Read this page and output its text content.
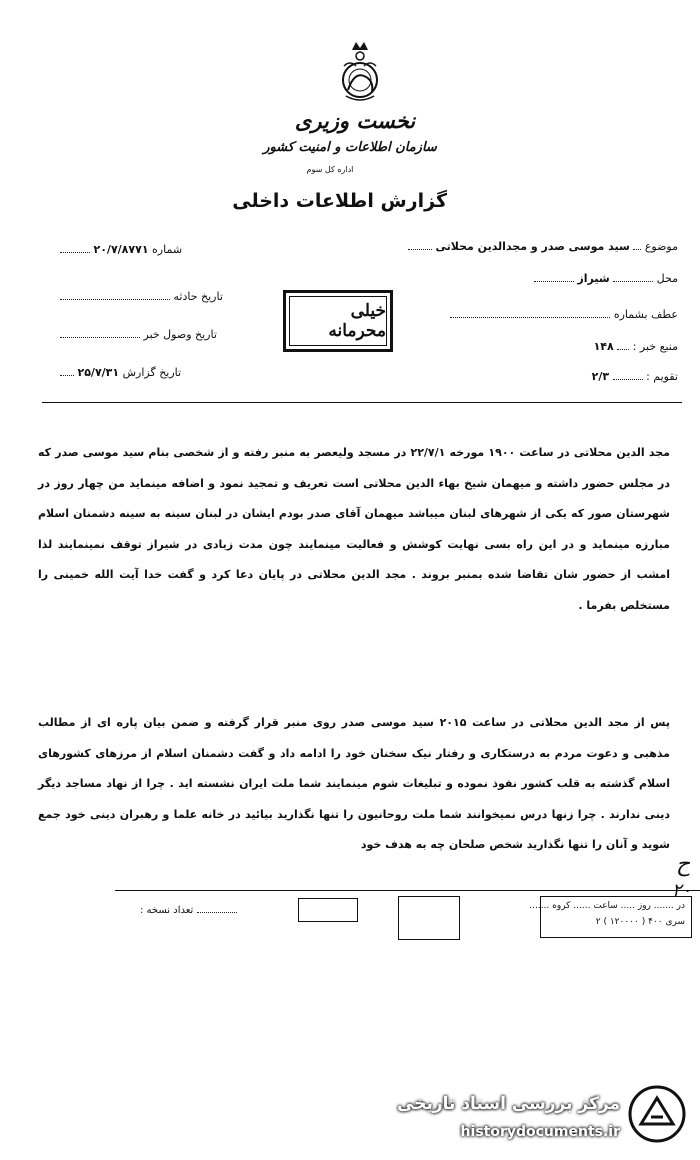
نخست وزیری
سازمان اطلاعات و امنیت کشور
اداره کل سوم
گزارش اطلاعات داخلی
موضوع  سید موسی صدر و مجدالدین محلاتی
محل  شیراز
عطف بشماره
منبع خبر :  ۱۴۸
تقویم :  ۲/۳
شماره ۲۰/۷/۸۷۷۱
تاریخ حادثه
تاریخ وصول خبر
تاریخ گزارش ۲۵/۷/۳۱
خیلی محرمانه
مجد الدین محلاتی در ساعت ۱۹۰۰ مورخه ۲۲/۷/۱ در مسجد ولیعصر به منبر رفته و از شخصی بنام سید موسی صدر که در مجلس حضور داشته و میهمان شیخ بهاء الدین محلاتی است تعریف و تمجید نمود و اضافه مینماید من چهار روز در شهرستان صور که یکی از شهرهای لبنان میباشد میهمان آقای صدر بودم ایشان در لبنان سینه به سینه دشمنان اسلام مبارزه مینماید و در این راه بسی نهایت کوشش و فعالیت مینمایند چون مدت زیادی در شیراز توقف نمینمایند لذا امشب از حضور شان تقاضا شده بمنبر بروند . مجد الدین محلاتی در پایان دعا کرد و گفت خدا آیت الله خمینی را مستخلص بفرما .
پس از مجد الدین محلاتی در ساعت ۲۰۱۵ سید موسی صدر روی منبر قرار گرفته و ضمن بیان پاره ای از مطالب مذهبی و دعوت مردم به درستکاری و رفتار نیک سخنان خود را ادامه داد و گفت دشمنان اسلام از مرزهای کشورهای اسلام گذشته به قلب کشور نفوذ نموده و تبلیغات شوم مینمایند شما ملت ایران نشسته اید . چرا از نهاد مساجد دیگر دینی ندارند . چرا زنها درس نمیخوانند شما ملت روحانیون را تنها نگذارید بیائید در خانه علما و رهبران دینی خود جمع شوید و آنان را تنها نگذارید شخص صلحان چه به هدف خود
ح
۲۰
تعداد نسخه :	در ....... روز ..... ساعت ...... کروه .......
سری ۴۰۰ ( ۱۲۰۰۰۰ ) ۲
مرکز بررسی اسناد تاریخی
historydocuments.ir
